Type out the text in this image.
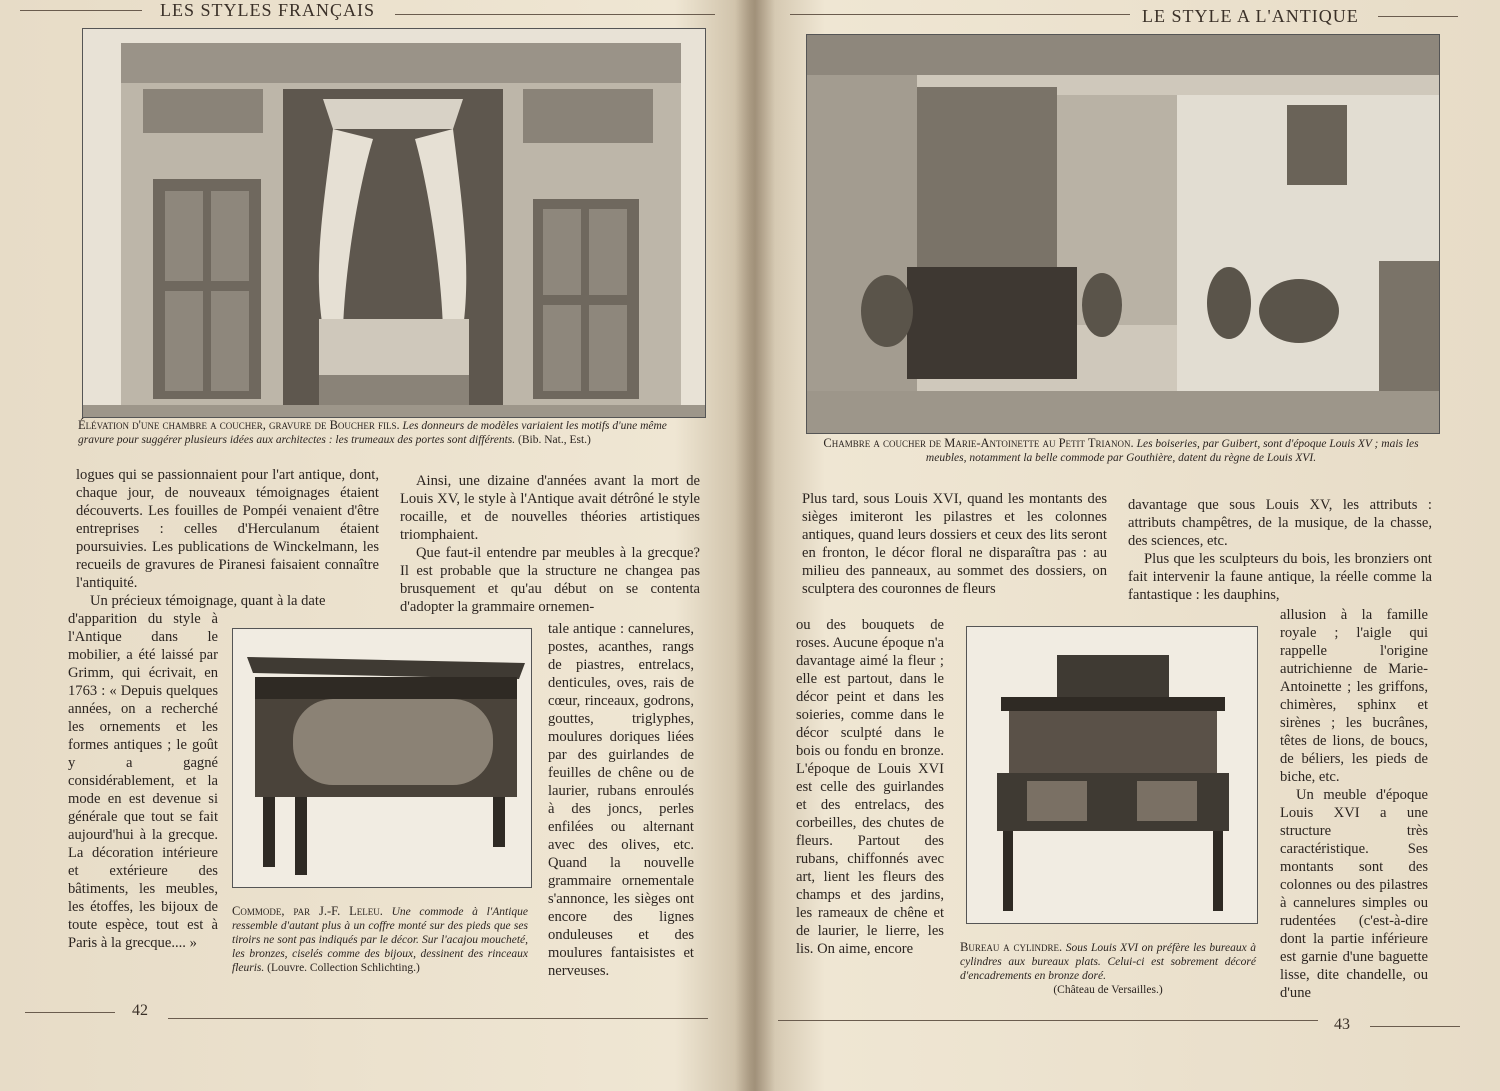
LES STYLES FRANÇAIS
Élévation d'une chambre a coucher, gravure de Boucher fils. Les donneurs de modèles variaient les motifs d'une même gravure pour suggérer plusieurs idées aux architectes : les trumeaux des portes sont différents. (Bib. Nat., Est.)

logues qui se passionnaient pour l'art antique, dont, chaque jour, de nouveaux témoignages étaient découverts. Les fouilles de Pompéi venaient d'être entreprises : celles d'Herculanum étaient poursuivies. Les publications de Winckelmann, les recueils de gravures de Piranesi faisaient connaître l'antiquité.

Un précieux témoignage, quant à la date

d'apparition du style à l'Antique dans le mobilier, a été laissé par Grimm, qui écrivait, en 1763 : « Depuis quelques années, on a recherché les ornements et les formes antiques ; le goût y a gagné considérablement, et la mode en est devenue si générale que tout se fait aujourd'hui à la grecque. La décoration intérieure et extérieure des bâtiments, les meubles, les étoffes, les bijoux de toute espèce, tout est à Paris à la grecque.... »

Ainsi, une dizaine d'années avant la mort de Louis XV, le style à l'Antique avait détrôné le style rocaille, et de nouvelles théories artistiques triomphaient.

Que faut-il entendre par meubles à la grecque? Il est probable que la structure ne changea pas brusquement et qu'au début on se contenta d'adopter la grammaire ornemen-

tale antique : cannelures, postes, acanthes, rangs de piastres, entrelacs, denticules, oves, rais de cœur, rinceaux, godrons, gouttes, triglyphes, moulures doriques liées par des guirlandes de feuilles de chêne ou de laurier, rubans enroulés à des joncs, perles enfilées ou alternant avec des olives, etc. Quand la nouvelle grammaire ornementale s'annonce, les sièges ont encore des lignes onduleuses et des moulures fantaisistes et nerveuses.
Commode, par J.-F. Leleu. Une commode à l'Antique ressemble d'autant plus à un coffre monté sur des pieds que ses tiroirs ne sont pas indiqués par le décor. Sur l'acajou moucheté, les bronzes, ciselés comme des bijoux, dessinent des rinceaux fleuris. (Louvre. Collection Schlichting.)
42
LE STYLE A L'ANTIQUE
Chambre a coucher de Marie-Antoinette au Petit Trianon. Les boiseries, par Guibert, sont d'époque Louis XV ; mais les meubles, notamment la belle commode par Gouthière, datent du règne de Louis XVI.
Plus tard, sous Louis XVI, quand les montants des sièges imiteront les pilastres et les colonnes antiques, quand leurs dossiers et ceux des lits seront en fronton, le décor floral ne disparaîtra pas : au milieu des panneaux, au sommet des dossiers, on sculptera des couronnes de fleurs
ou des bouquets de roses. Aucune époque n'a davantage aimé la fleur ; elle est partout, dans le décor peint et dans les soieries, comme dans le décor sculpté dans le bois ou fondu en bronze. L'époque de Louis XVI est celle des guirlandes et des entrelacs, des corbeilles, des chutes de fleurs. Partout des rubans, chiffonnés avec art, lient les fleurs des champs et des jardins, les rameaux de chêne et de laurier, le lierre, les lis. On aime, encore	Bureau a cylindre. Sous Louis XVI on préfère les bureaux à cylindres aux bureaux plats. Celui-ci est sobrement décoré d'encadrements en bronze doré.
(Château de Versailles.)

davantage que sous Louis XV, les attributs : attributs champêtres, de la musique, de la chasse, des sciences, etc.

Plus que les sculpteurs du bois, les bronziers ont fait intervenir la faune antique, la réelle comme la fantastique : les dauphins,

allusion à la famille royale ; l'aigle qui rappelle l'origine autrichienne de Marie-Antoinette ; les griffons, chimères, sphinx et sirènes ; les bucrânes, têtes de lions, de boucs, de béliers, les pieds de biche, etc.

Un meuble d'époque Louis XVI a une structure très caractéristique. Ses montants sont des colonnes ou des pilastres à cannelures simples ou rudentées (c'est-à-dire dont la partie inférieure est garnie d'une baguette lisse, dite chandelle, ou d'une

43
